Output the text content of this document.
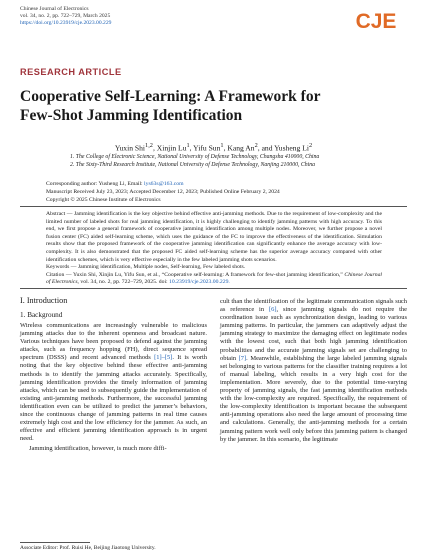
Chinese Journal of Electronics
vol. 34, no. 2, pp. 722–729, March 2025
https://doi.org/10.23919/cje.2023.00.229	CJE
RESEARCH ARTICLE
Cooperative Self-Learning: A Framework for
Few-Shot Jamming Identification
Yuxin Shi$^{1,2}$, Xinjin Lu$^1$, Yifu Sun$^1$, Kang An$^2$, and Yusheng Li$^2$
1. The College of Electronic Science, National University of Defense Technology, Changsha 410000, China
2. The Sixty-Third Research Institute, National University of Defense Technology, Nanjing 210000, China
Corresponding author: Yusheng Li, Email: lys63s@163.com
Manuscript Received July 23, 2023; Accepted December 12, 2023; Published Online February 2, 2024
Copyright © 2025 Chinese Institute of Electronics
Abstract — Jamming identification is the key objective behind effective anti-jamming methods. Due to the requirement of low-complexity and the limited number of labeled shots for real jamming identification, it is highly challenging to identify jamming patterns with high accuracy. To this end, we first propose a general framework of cooperative jamming identification among multiple nodes. Moreover, we further propose a novel fusion center (FC) aided self-learning scheme, which uses the guidance of the FC to improve the effectiveness of the identification. Simulation results show that the proposed framework of the cooperative jamming identification can significantly enhance the average accuracy with low-complexity. It is also demonstrated that the proposed FC aided self-learning scheme has the superior average accuracy compared with other identification schemes, which is very effective especially in the few labeled jamming shots scenarios.
Keywords — Jamming identification, Multiple nodes, Self-learning, Few labeled shots.
Citation — Yuxin Shi, Xinjin Lu, Yifu Sun, et al., “Cooperative self-learning: A framework for few-shot jamming identification,” Chinese Journal of Electronics, vol. 34, no. 2, pp. 722–729, 2025. doi: 10.23919/cje.2023.00.229.
I. Introduction
1. Background

Wireless communications are increasingly vulnerable to malicious jamming attacks due to the inherent openness and broadcast nature. Various techniques have been proposed to defend against the jamming attacks, such as frequency hopping (FH), direct sequence spread spectrum (DSSS) and recent advanced methods [1]–[5]. It is worth noting that the key objective behind these effective anti-jamming methods is to identify the jamming attacks accurately. Specifically, jamming identification provides the timely information of jamming attacks, which can be used to subsequently guide the implementation of existing anti-jamming methods. Furthermore, the successful jamming identification even can be utilized to predict the jammer’s behaviors, since the continuous change of jamming patterns in real time causes extremely high cost and the low efficiency for the jammer. As such, an effective and efficient jamming identification approach is in urgent need.

Jamming identification, however, is much more diffi-

cult than the identification of the legitimate communication signals such as reference in [6], since jamming signals do not require the coordination issue such as synchronization design, leading to various jamming patterns. In particular, the jammers can adaptively adjust the jamming strategy to maximize the damaging effect on legitimate nodes with the lowest cost, such that both high jamming identification probabilities and the accurate jamming signals set are challenging to obtain [7]. Meanwhile, establishing the large labeled jamming signals set belonging to various patterns for the classifier training requires a lot of manual labeling, which results in a very high cost for the implementation. More severely, due to the potential time-varying property of jamming signals, the fast jamming identification methods with the low-complexity are required. Specifically, the requirement of the low-complexity identification is important because the subsequent anti-jamming operations also need the large amount of processing time and calculations. Generally, the anti-jamming methods for a certain jamming pattern work well only before this jamming pattern is changed by the jammer. In this scenario, the legitimate

Associate Editor: Prof. Ruisi He, Beijing Jiaotong University.
